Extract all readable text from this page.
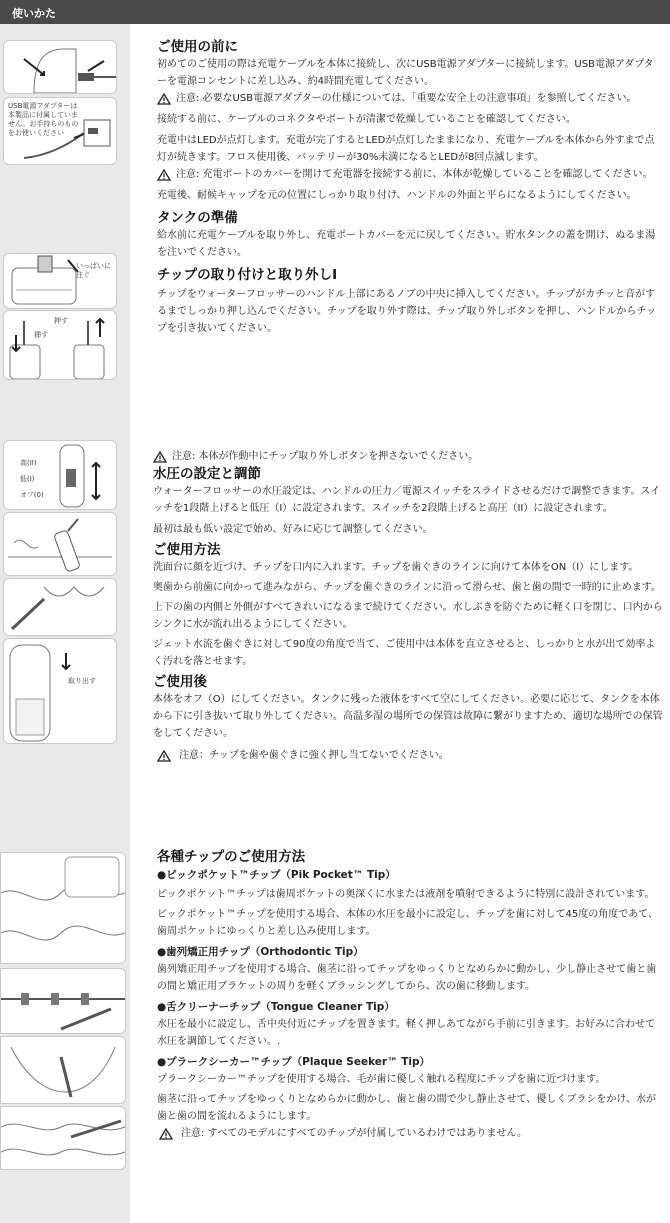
使いかた
USB電源アダプターは本製品に付属していません。お手持ちのものをお使いください
いっぱいに注ぐ
押す
挿す
高(II)
低(I)
オフ(0)
取り出す
ご使用の前に

初めてのご使用の際は充電ケーブルを本体に接続し、次にUSB電源アダプターに接続します。USB電源アダプターを電源コンセントに差し込み、約4時間充電してください。

注意: 必要なUSB電源アダプターの仕様については、「重要な安全上の注意事項」を参照してください。

接続する前に、ケーブルのコネクタやポートが清潔で乾燥していることを確認してください。

充電中はLEDが点灯します。充電が完了するとLEDが点灯したままになり、充電ケーブルを本体から外すまで点灯が続きます。フロス使用後、バッテリーが30%未満になるとLEDが8回点滅します。

注意: 充電ポートのカバーを開けて充電器を接続する前に、本体が乾燥していることを確認してください。

充電後、耐候キャップを元の位置にしっかり取り付け、ハンドルの外面と平らになるようにしてください。

タンクの準備

給水前に充電ケーブルを取り外し、充電ポートカバーを元に戻してください。貯水タンクの蓋を開け、ぬるま湯を注いでください。

チップの取り付けと取り外しI

チップをウォーターフロッサーのハンドル上部にあるノブの中央に挿入してください。チップがカチッと音がするまでしっかり押し込んでください。チップを取り外す際は、チップ取り外しボタンを押し、ハンドルからチップを引き抜いてください。

注意: 本体が作動中にチップ取り外しボタンを押さないでください。

水圧の設定と調節

ウォーターフロッサーの水圧設定は、ハンドルの圧力／電源スイッチをスライドさせるだけで調整できます。スイッチを1段階上げると低圧（I）に設定されます。スイッチを2段階上げると高圧（II）に設定されます。

最初は最も低い設定で始め、好みに応じて調整してください。

ご使用方法

洗面台に顔を近づけ、チップを口内に入れます。チップを歯ぐきのラインに向けて本体をON（I）にします。

奥歯から前歯に向かって進みながら、チップを歯ぐきのラインに沿って滑らせ、歯と歯の間で一時的に止めます。

上下の歯の内側と外側がすべてきれいになるまで続けてください。水しぶきを防ぐために軽く口を閉じ、口内からシンクに水が流れ出るようにしてください。

ジェット水流を歯ぐきに対して90度の角度で当て、ご使用中は本体を直立させると、しっかりと水が出て効率よく汚れを落とせます。

ご使用後

本体をオフ（O）にしてください。タンクに残った液体をすべて空にしてください。必要に応じて、タンクを本体から下に引き抜いて取り外してください。高温多湿の場所での保管は故障に繋がりますため、適切な場所での保管をしてください。

注意：チップを歯や歯ぐきに強く押し当てないでください。

各種チップのご使用方法
●ピックポケット™チップ（Pik Pocket™ Tip）

ピックポケット™チップは歯周ポケットの奥深くに水または液剤を噴射できるように特別に設計されています。

ピックポケット™チップを使用する場合、本体の水圧を最小に設定し、チップを歯に対して45度の角度であて、歯周ポケットにゆっくりと差し込み使用します。

●歯列矯正用チップ（Orthodontic Tip）

歯列矯正用チップを使用する場合、歯茎に沿ってチップをゆっくりとなめらかに動かし、少し静止させて歯と歯の間と矯正用ブラケットの周りを軽くブラッシングしてから、次の歯に移動します。

●舌クリーナーチップ（Tongue Cleaner Tip）

水圧を最小に設定し、舌中央付近にチップを置きます。軽く押しあてながら手前に引きます。お好みに合わせて水圧を調節してください。.

●プラークシーカー™チップ（Plaque Seeker™ Tip）

プラークシーカー™チップを使用する場合、毛が歯に優しく触れる程度にチップを歯に近づけます。

歯茎に沿ってチップをゆっくりとなめらかに動かし、歯と歯の間で少し静止させて、優しくブラシをかけ、水が歯と歯の間を流れるようにします。

注意: すべてのモデルにすべてのチップが付属しているわけではありません。
